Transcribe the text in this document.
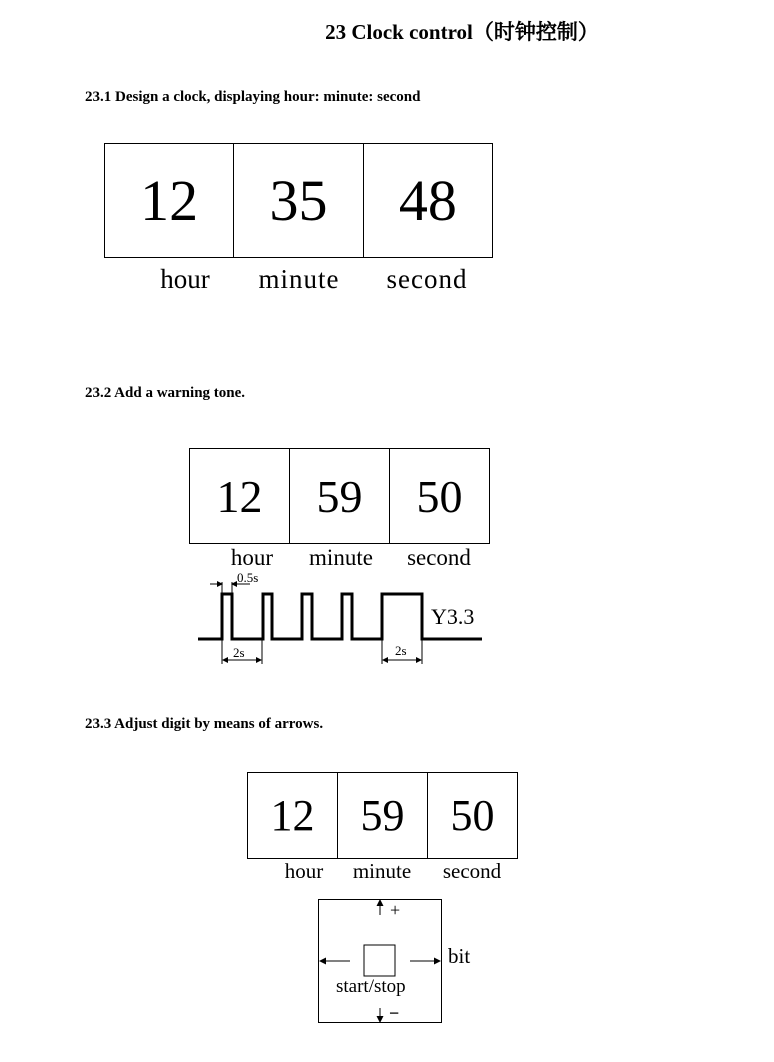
23 Clock control（时钟控制）
23.1 Design a clock, displaying hour: minute: second
12	35	48
hour	minute	second
23.2 Add a warning tone.
12	59	50
hour	minute	second
0.5s
2s	2s
Y3.3
23.3 Adjust digit by means of arrows.
12	59	50
hour	minute	second
+
−
bit
start/stop
